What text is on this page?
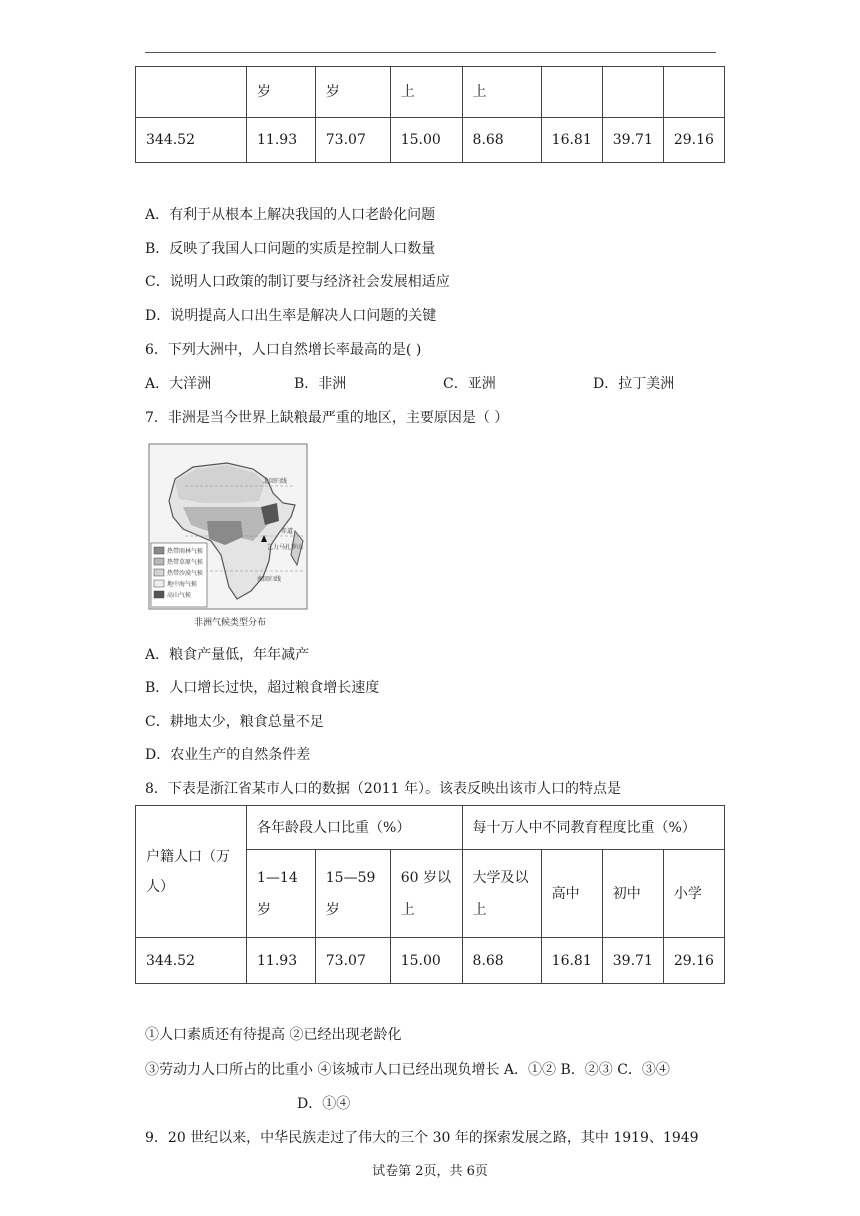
	岁	岁	上	上			
344.52	11.93	73.07	15.00	8.68	16.81	39.71	29.16
A．有利于从根本上解决我国的人口老龄化问题
B．反映了我国人口问题的实质是控制人口数量
C．说明人口政策的制订要与经济社会发展相适应
D．说明提高人口出生率是解决人口问题的关键
6．下列大洲中，人口自然增长率最高的是( )
A．大洋洲	B．非洲	C．亚洲	D．拉丁美洲
7．非洲是当今世界上缺粮最严重的地区，主要原因是（ ）
北回归线
赤道
乞力马扎罗山
南回归线
热带雨林气候
热带草原气候
热带沙漠气候
地中海气候
高山气候
非洲气候类型分布
A．粮食产量低，年年减产
B．人口增长过快，超过粮食增长速度
C．耕地太少，粮食总量不足
D．农业生产的自然条件差
8．下表是浙江省某市人口的数据（2011 年）。该表反映出该市人口的特点是
户籍人口（万人）	各年龄段人口比重（%）			每十万人中不同教育程度比重（%）			
	1—14 岁	15—59 岁	60 岁以上	大学及以上	高中	初中	小学
344.52	11.93	73.07	15.00	8.68	16.81	39.71	29.16
①人口素质还有待提高 ②已经出现老龄化
③劳动力人口所占的比重小 ④该城市人口已经出现负增长 A．①② B．②③ C．③④
D．①④
9．20 世纪以来，中华民族走过了伟大的三个 30 年的探索发展之路，其中 1919、1949
试卷第 2页，共 6页
